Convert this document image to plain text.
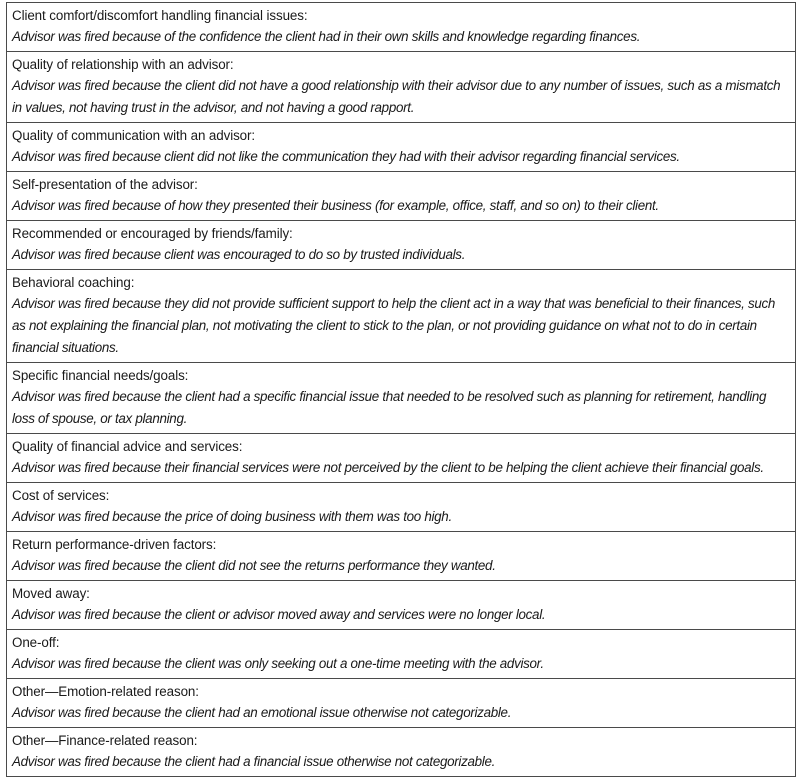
Client comfort/discomfort handling financial issues:
Advisor was fired because of the confidence the client had in their own skills and knowledge regarding finances.
Quality of relationship with an advisor:
Advisor was fired because the client did not have a good relationship with their advisor due to any number of issues, such as a mismatch in values, not having trust in the advisor, and not having a good rapport.
Quality of communication with an advisor:
Advisor was fired because client did not like the communication they had with their advisor regarding financial services.
Self-presentation of the advisor:
Advisor was fired because of how they presented their business (for example, office, staff, and so on) to their client.
Recommended or encouraged by friends/family:
Advisor was fired because client was encouraged to do so by trusted individuals.
Behavioral coaching:
Advisor was fired because they did not provide sufficient support to help the client act in a way that was beneficial to their finances, such as not explaining the financial plan, not motivating the client to stick to the plan, or not providing guidance on what not to do in certain financial situations.
Specific financial needs/goals:
Advisor was fired because the client had a specific financial issue that needed to be resolved such as planning for retirement, handling loss of spouse, or tax planning.
Quality of financial advice and services:
Advisor was fired because their financial services were not perceived by the client to be helping the client achieve their financial goals.
Cost of services:
Advisor was fired because the price of doing business with them was too high.
Return performance-driven factors:
Advisor was fired because the client did not see the returns performance they wanted.
Moved away:
Advisor was fired because the client or advisor moved away and services were no longer local.
One-off:
Advisor was fired because the client was only seeking out a one-time meeting with the advisor.
Other—Emotion-related reason:
Advisor was fired because the client had an emotional issue otherwise not categorizable.
Other—Finance-related reason:
Advisor was fired because the client had a financial issue otherwise not categorizable.
